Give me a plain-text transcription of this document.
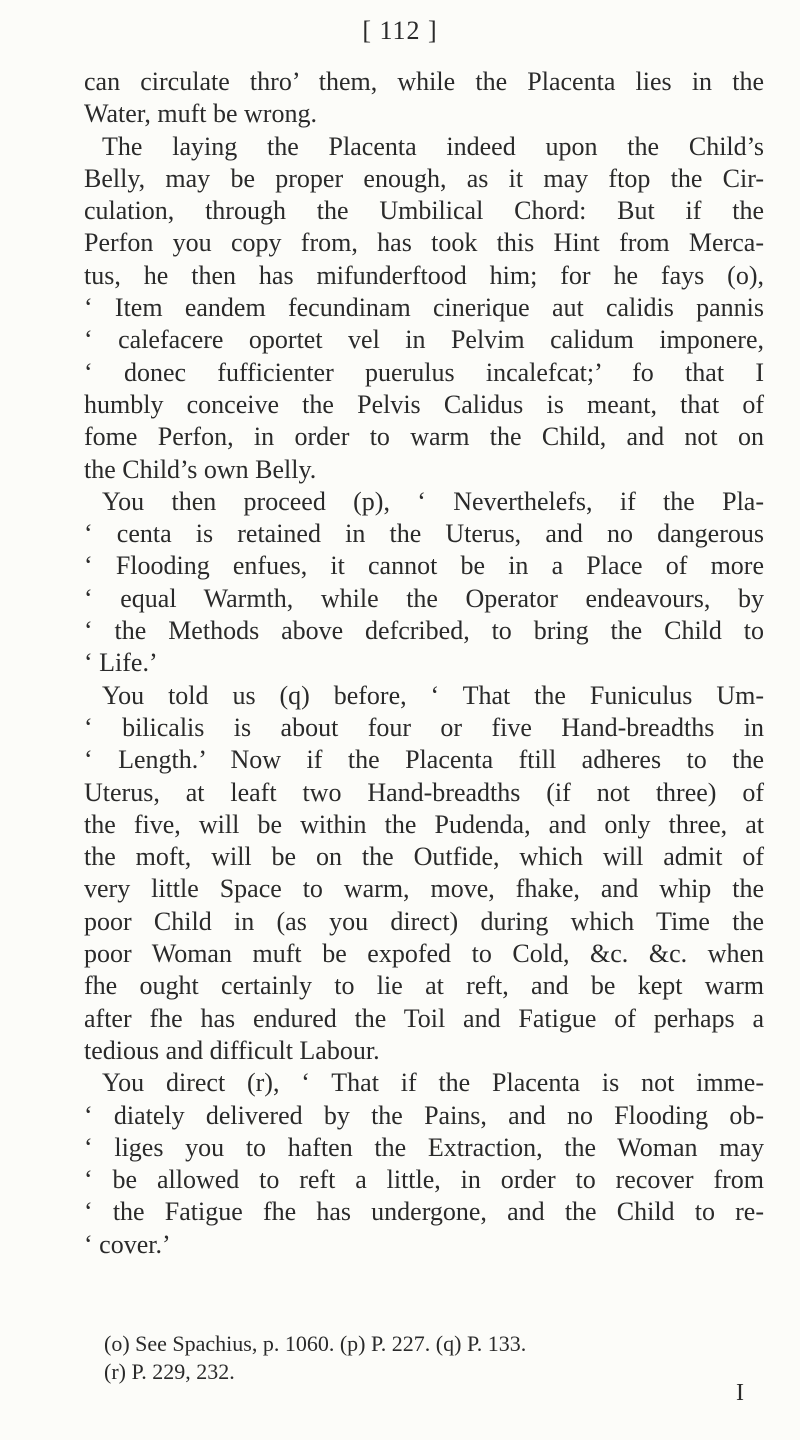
[ 112 ]
can circulate thro’ them, while the Placenta lies in the
Water, muft be wrong.
The laying the Placenta indeed upon the Child’s
Belly, may be proper enough, as it may ftop the Cir-
culation, through the Umbilical Chord: But if the
Perfon you copy from, has took this Hint from Merca-
tus, he then has mifunderftood him; for he fays (o),
‘ Item eandem fecundinam cinerique aut calidis pannis
‘ calefacere oportet vel in Pelvim calidum imponere,
‘ donec fufficienter puerulus incalefcat;’ fo that I
humbly conceive the Pelvis Calidus is meant, that of
fome Perfon, in order to warm the Child, and not on
the Child’s own Belly.
You then proceed (p), ‘ Neverthelefs, if the Pla-
‘ centa is retained in the Uterus, and no dangerous
‘ Flooding enfues, it cannot be in a Place of more
‘ equal Warmth, while the Operator endeavours, by
‘ the Methods above defcribed, to bring the Child to
‘ Life.’
You told us (q) before, ‘ That the Funiculus Um-
‘ bilicalis is about four or five Hand-breadths in
‘ Length.’ Now if the Placenta ftill adheres to the
Uterus, at leaft two Hand-breadths (if not three) of
the five, will be within the Pudenda, and only three, at
the moft, will be on the Outfide, which will admit of
very little Space to warm, move, fhake, and whip the
poor Child in (as you direct) during which Time the
poor Woman muft be expofed to Cold, &c. &c. when
fhe ought certainly to lie at reft, and be kept warm
after fhe has endured the Toil and Fatigue of perhaps a
tedious and difficult Labour.
You direct (r), ‘ That if the Placenta is not imme-
‘ diately delivered by the Pains, and no Flooding ob-
‘ liges you to haften the Extraction, the Woman may
‘ be allowed to reft a little, in order to recover from
‘ the Fatigue fhe has undergone, and the Child to re-
‘ cover.’
(o) See Spachius, p. 1060. (p) P. 227. (q) P. 133.
(r) P. 229, 232.
I
